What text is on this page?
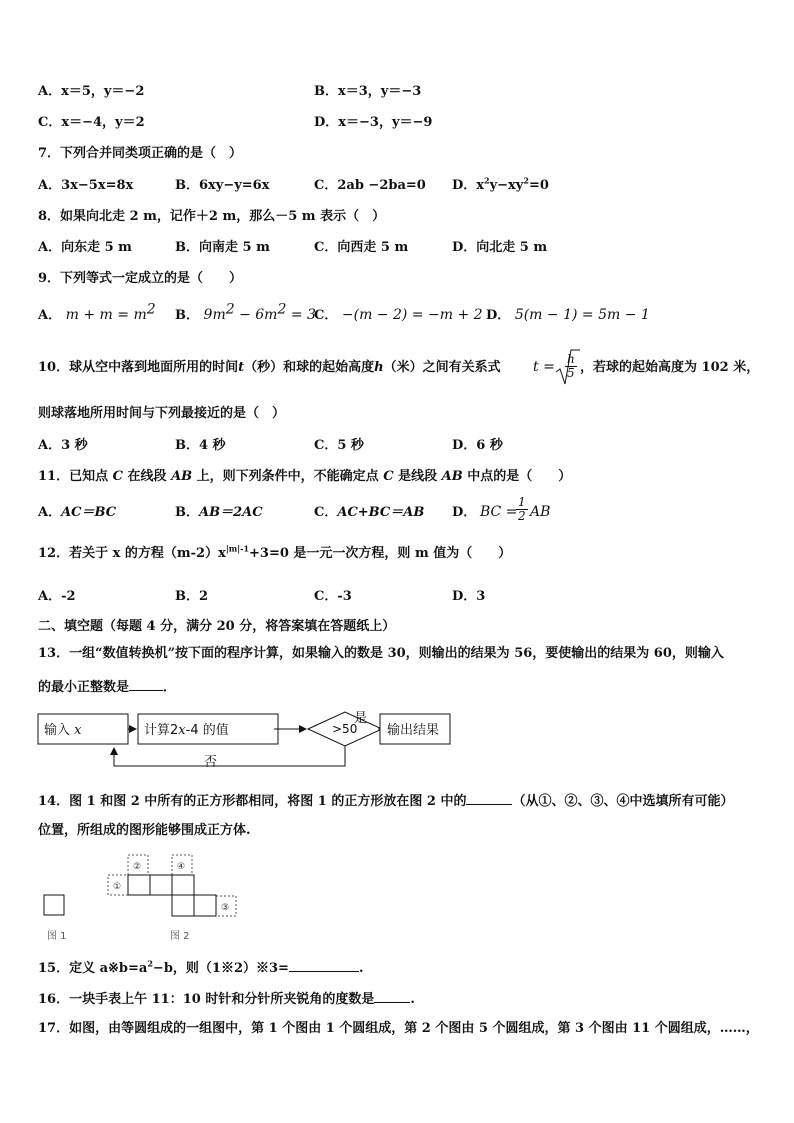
A．x＝5，y＝−2	B．x＝3，y＝−3
C．x＝−4，y＝2	D．x＝−3，y＝−9
7．下列合并同类项正确的是（　）
A．3x−5x=8x	B．6xy−y=6x	C．2ab −2ba=0 D．$x^2y-xy^2=0$
8．如果向北走 2 m，记作＋2 m，那么－5 m 表示（　）
A．向东走 5 m	B．向南走 5 m	C．向西走 5 m	D．向北走 5 m
9．下列等式一定成立的是（　　）
A． $m + m = m^2$ B． $9m^2 - 6m^2 = 3$
C． −(m − 2) = −m + 2 D． 5(m − 1) = 5m − 1
10．球从空中落到地面所用的时间t（秒）和球的起始高度h（米）之间有关系式 $t = \frac{h}{5}$ ，若球的起始高度为 102 米，
则球落地所用时间与下列最接近的是（　）
A．3 秒	B．4 秒	C．5 秒	D．6 秒
11．已知点 C 在线段 AB 上，则下列条件中，不能确定点 C 是线段 AB 中点的是（　　）
A．AC＝BC	B．AB＝2AC	C．AC+BC＝AB D． BC =
$\frac{1}{2}$ AB
12．若关于 x 的方程$(m-2)x^{|m|-1}+3=0$ 是一元一次方程，则 m 值为（　　）
A．-2	B．2	C．-3	D．3
二、填空题（每题 4 分，满分 20 分，将答案填在答题纸上）
13．一组“数值转换机”按下面的程序计算，如果输入的数是 30，则输出的结果为 56，要使输出的结果为 60，则输入
的最小正整数是	．
输入 x	计算2x-4 的值	>50
是
输出结果
否
14．图 1 和图 2 中所有的正方形都相同，将图 1 的正方形放在图 2 中的	（从①、②、③、④中选填所有可能）
位置，所组成的图形能够围成正方体.
图 1
①
②	④
③
图 2
15．定义 $a※b=a^2-b$，则（1※2）※3=	.
16．一块手表上午 11：10 时针和分针所夹锐角的度数是	.
17．如图，由等圆组成的一组图中，第 1 个图由 1 个圆组成，第 2 个图由 5 个圆组成，第 3 个图由 11 个圆组成，……，
